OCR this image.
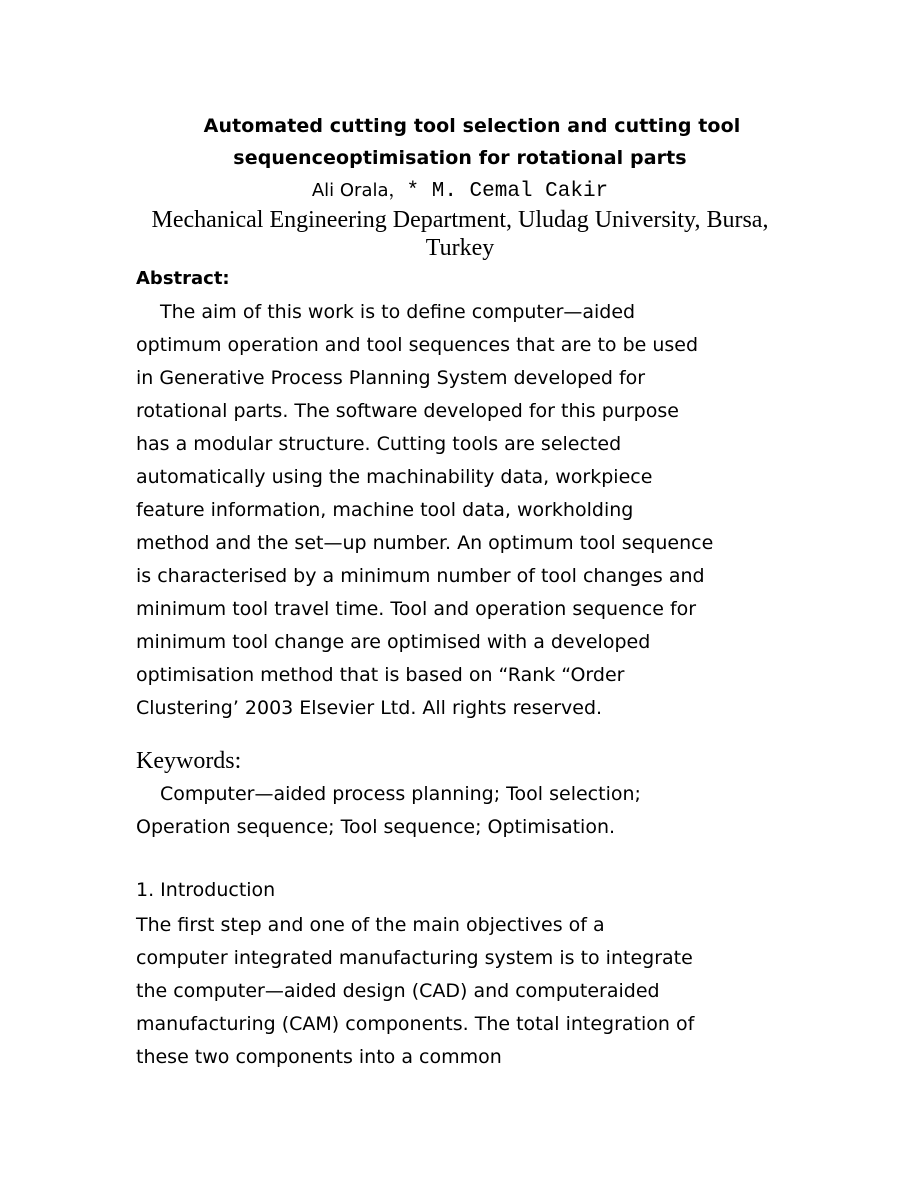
Automated cutting tool selection and cutting tool
sequenceoptimisation for rotational parts
Ali Orala，* M. Cemal Cakir
Mechanical Engineering Department, Uludag University, Bursa, Turkey
Abstract:
The aim of this work is to define computer—aided
optimum operation and tool sequences that are to be used
in Generative Process Planning System developed for
rotational parts. The software developed for this purpose
has a modular structure. Cutting tools are selected
automatically using the machinability data, workpiece
feature information, machine tool data, workholding
method and the set—up number. An optimum tool sequence
is characterised by a minimum number of tool changes and
minimum tool travel time. Tool and operation sequence for
minimum tool change are optimised with a developed
optimisation method that is based on “Rank “Order
Clustering’ 2003 Elsevier Ltd. All rights reserved.
Keywords:
Computer—aided process planning; Tool selection;
Operation sequence; Tool sequence; Optimisation.
1. Introduction
The first step and one of the main objectives of a
computer integrated manufacturing system is to integrate
the computer—aided design (CAD) and computeraided
manufacturing (CAM) components. The total integration of
these two components into a common
